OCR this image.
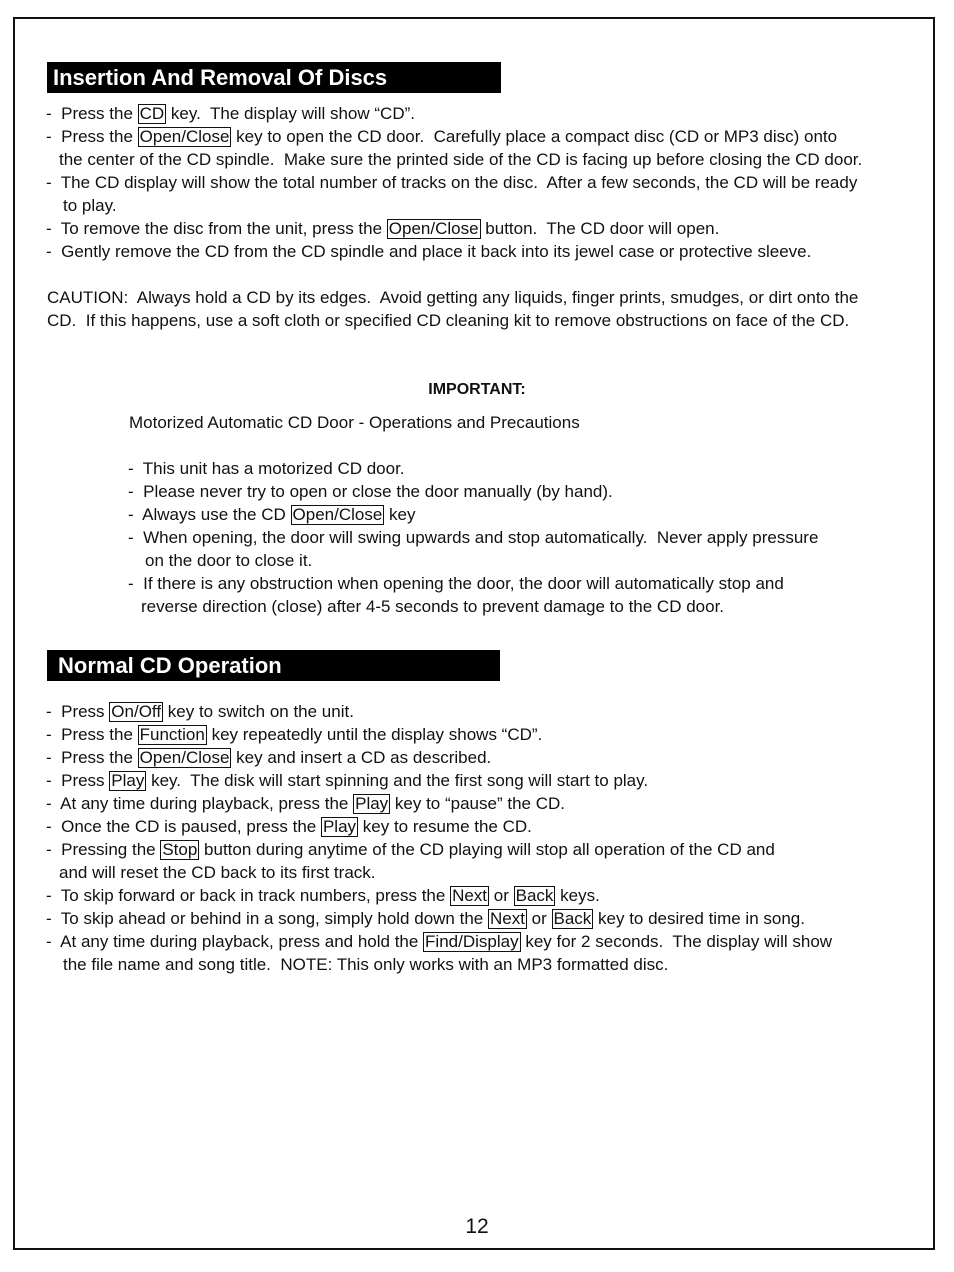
Insertion And Removal Of Discs
-  Press the CD key.  The display will show “CD”.
-  Press the Open/Close key to open the CD door.  Carefully place a compact disc (CD or MP3 disc) onto
the center of the CD spindle.  Make sure the printed side of the CD is facing up before closing the CD door.
-  The CD display will show the total number of tracks on the disc.  After a few seconds, the CD will be ready
to play.
-  To remove the disc from the unit, press the Open/Close button.  The CD door will open.
-  Gently remove the CD from the CD spindle and place it back into its jewel case or protective sleeve.
CAUTION:  Always hold a CD by its edges.  Avoid getting any liquids, finger prints, smudges, or dirt onto the
CD.  If this happens, use a soft cloth or specified CD cleaning kit to remove obstructions on face of the CD.
IMPORTANT:
Motorized Automatic CD Door - Operations and Precautions
-  This unit has a motorized CD door.
-  Please never try to open or close the door manually (by hand).
-  Always use the CD Open/Close key
-  When opening, the door will swing upwards and stop automatically.  Never apply pressure
on the door to close it.
-  If there is any obstruction when opening the door, the door will automatically stop and
reverse direction (close) after 4-5 seconds to prevent damage to the CD door.
Normal CD Operation
-  Press On/Off key to switch on the unit.
-  Press the Function key repeatedly until the display shows “CD”.
-  Press the Open/Close key and insert a CD as described.
-  Press Play key.  The disk will start spinning and the first song will start to play.
-  At any time during playback, press the Play key to “pause” the CD.
-  Once the CD is paused, press the Play key to resume the CD.
-  Pressing the Stop button during anytime of the CD playing will stop all operation of the CD and
and will reset the CD back to its first track.
-  To skip forward or back in track numbers, press the Next or Back keys.
-  To skip ahead or behind in a song, simply hold down the Next or Back key to desired time in song.
-  At any time during playback, press and hold the Find/Display key for 2 seconds.  The display will show
the file name and song title.  NOTE: This only works with an MP3 formatted disc.
12
